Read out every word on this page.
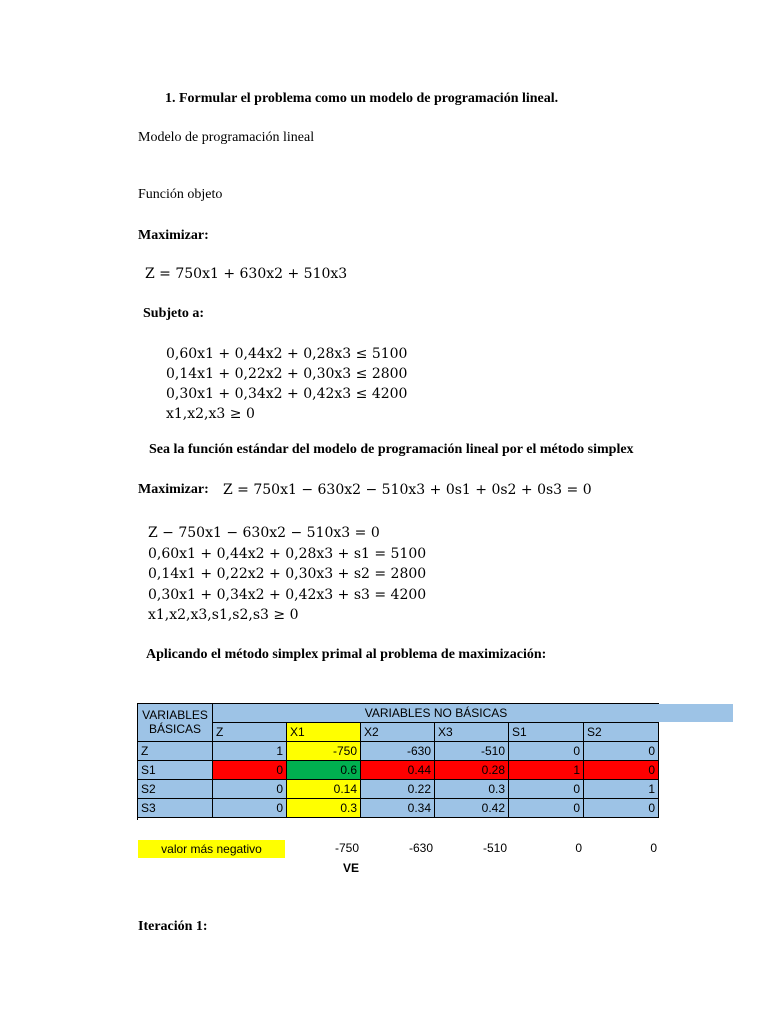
1. Formular el problema como un modelo de programación lineal.
Modelo de programación lineal
Función objeto
Maximizar:
Z = 750x1 + 630x2 + 510x3
Subjeto a:
0,60x1 + 0,44x2 + 0,28x3 ≤ 5100
0,14x1 + 0,22x2 + 0,30x3 ≤ 2800
0,30x1 + 0,34x2 + 0,42x3 ≤ 4200
x1,x2,x3 ≥ 0
Sea la función estándar del modelo de programación lineal por el método simplex
Maximizar: Z = 750x1 − 630x2 − 510x3 + 0s1 + 0s2 + 0s3 = 0
Z − 750x1 − 630x2 − 510x3 = 0
0,60x1 + 0,44x2 + 0,28x3 + s1 = 5100
0,14x1 + 0,22x2 + 0,30x3 + s2 = 2800
0,30x1 + 0,34x2 + 0,42x3 + s3 = 4200
x1,x2,x3,s1,s2,s3 ≥ 0
Aplicando el método simplex primal al problema de maximización:
VARIABLES
BÁSICAS
VARIABLES NO BÁSICAS
Z	X1	X2	X3	S1	S2
Z	1	-750	-630	-510	0	0
S1	0	0.6	0.44	0.28	1	0
S2	0	0.14	0.22	0.3	0	1
S3	0	0.3	0.34	0.42	0	0
valor más negativo	-750	-630	-510	0	0
VE
Iteración 1:
